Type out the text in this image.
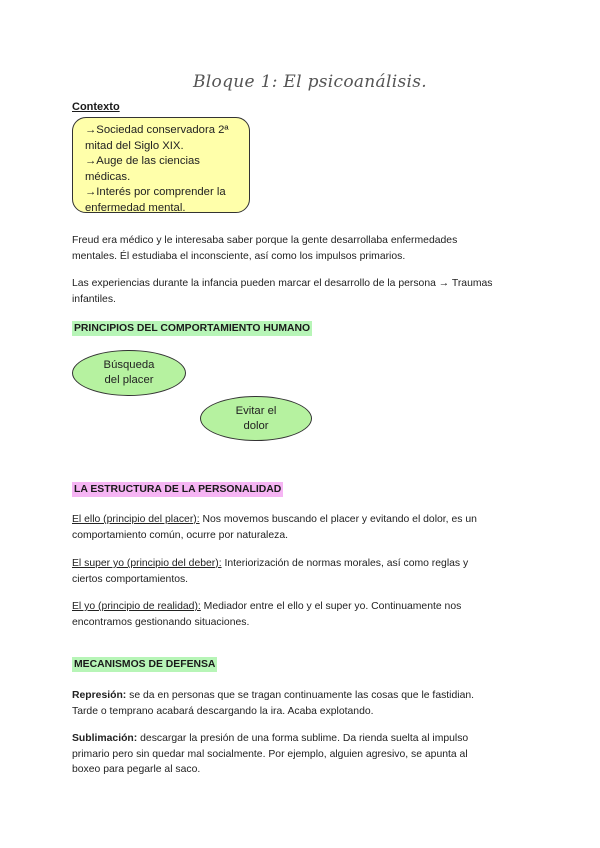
Bloque 1: El psicoanálisis.
Contexto
→Sociedad conservadora 2ª
mitad del Siglo XIX.
→Auge de las ciencias
médicas.
→Interés por comprender la
enfermedad mental.
Freud era médico y le interesaba saber porque la gente desarrollaba enfermedades
mentales. Él estudiaba el inconsciente, así como los impulsos primarios.
Las experiencias durante la infancia pueden marcar el desarrollo de la persona → Traumas
infantiles.
PRINCIPIOS DEL COMPORTAMIENTO HUMANO
Búsqueda
del placer
Evitar el
dolor
LA ESTRUCTURA DE LA PERSONALIDAD
El ello (principio del placer): Nos movemos buscando el placer y evitando el dolor, es un
comportamiento común, ocurre por naturaleza.
El super yo (principio del deber): Interiorización de normas morales, así como reglas y
ciertos comportamientos.
El yo (principio de realidad): Mediador entre el ello y el super yo. Continuamente nos
encontramos gestionando situaciones.
MECANISMOS DE DEFENSA
Represión: se da en personas que se tragan continuamente las cosas que le fastidian.
Tarde o temprano acabará descargando la ira. Acaba explotando.
Sublimación: descargar la presión de una forma sublime. Da rienda suelta al impulso
primario pero sin quedar mal socialmente. Por ejemplo, alguien agresivo, se apunta al
boxeo para pegarle al saco.
